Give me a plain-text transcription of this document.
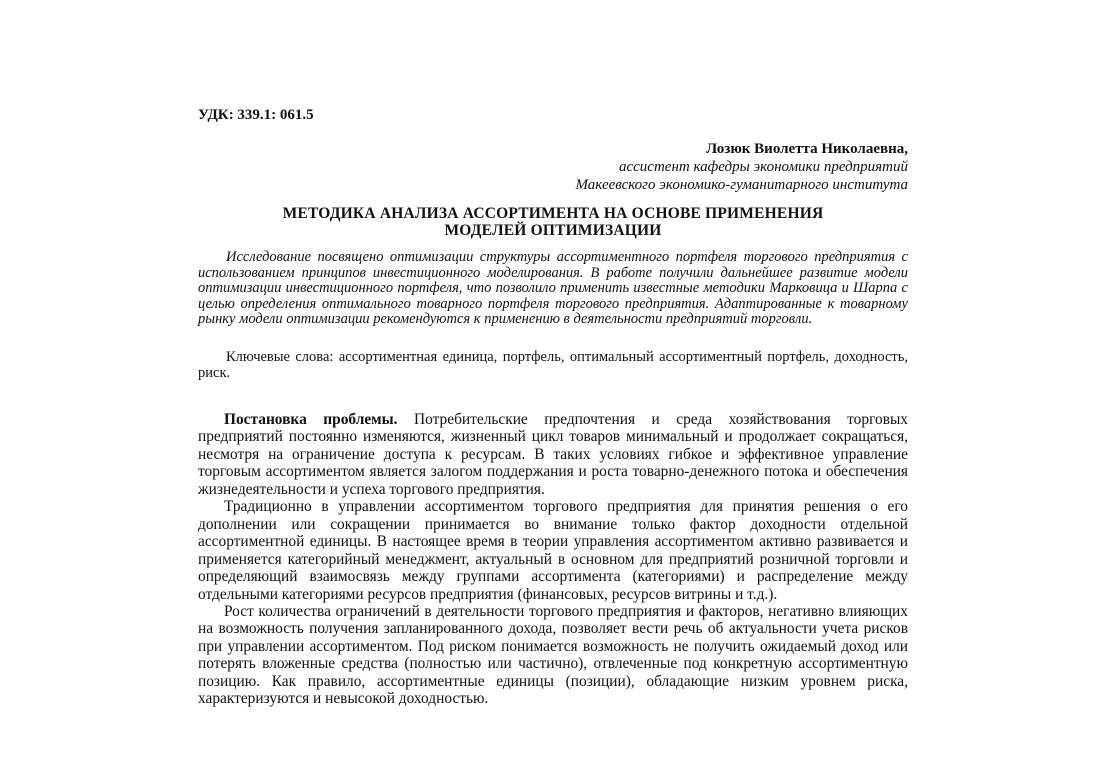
УДК: 339.1: 061.5
Лозюк Виолетта Николаевна,
ассистент кафедры экономики предприятий
Макеевского экономико-гуманитарного института
МЕТОДИКА АНАЛИЗА АССОРТИМЕНТА НА ОСНОВЕ ПРИМЕНЕНИЯ
МОДЕЛЕЙ ОПТИМИЗАЦИИ

Исследование посвящено оптимизации структуры ассортиментного портфеля торгового предприятия с использованием принципов инвестиционного моделирования. В работе получили дальнейшее развитие модели оптимизации инвестиционного портфеля, что позволило применить известные методики Марковица и Шарпа с целью определения оптимального товарного портфеля торгового предприятия. Адаптированные к товарному рынку модели оптимизации рекомендуются к применению в деятельности предприятий торговли.

Ключевые слова: ассортиментная единица, портфель, оптимальный ассортиментный портфель, доходность, риск.

Постановка проблемы. Потребительские предпочтения и среда хозяйствования торговых предприятий постоянно изменяются, жизненный цикл товаров минимальный и продолжает сокращаться, несмотря на ограничение доступа к ресурсам. В таких условиях гибкое и эффективное управление торговым ассортиментом является залогом поддержания и роста товарно-денежного потока и обеспечения жизнедеятельности и успеха торгового предприятия.

Традиционно в управлении ассортиментом торгового предприятия для принятия решения о его дополнении или сокращении принимается во внимание только фактор доходности отдельной ассортиментной единицы. В настоящее время в теории управления ассортиментом активно развивается и применяется категорийный менеджмент, актуальный в основном для предприятий розничной торговли и определяющий взаимосвязь между группами ассортимента (категориями) и распределение между отдельными категориями ресурсов предприятия (финансовых, ресурсов витрины и т.д.).

Рост количества ограничений в деятельности торгового предприятия и факторов, негативно влияющих на возможность получения запланированного дохода, позволяет вести речь об актуальности учета рисков при управлении ассортиментом. Под риском понимается возможность не получить ожидаемый доход или потерять вложенные средства (полностью или частично), отвлеченные под конкретную ассортиментную позицию. Как правило, ассортиментные единицы (позиции), обладающие низким уровнем риска, характеризуются и невысокой доходностью.
